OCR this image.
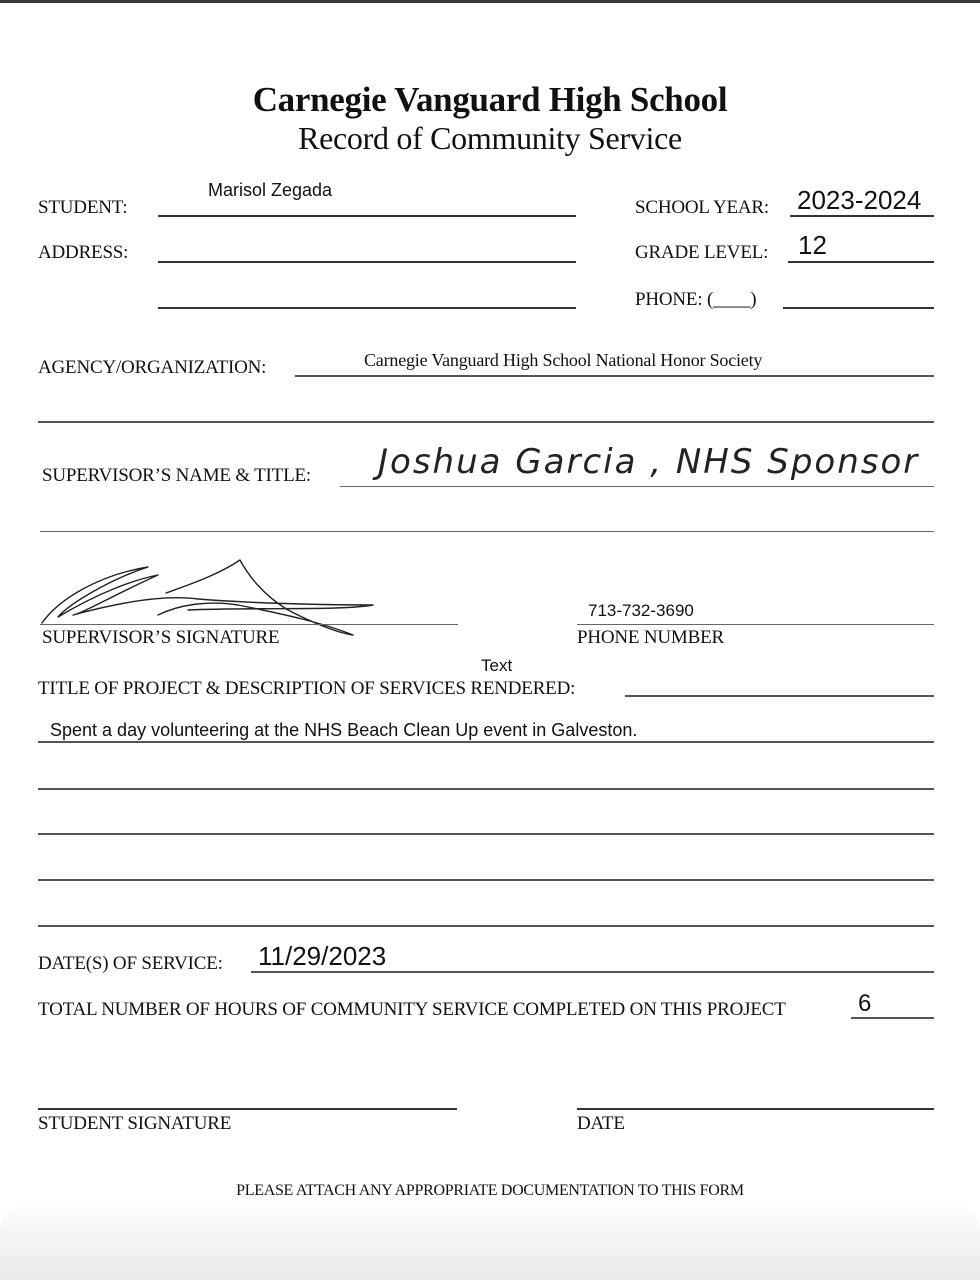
Carnegie Vanguard High School
Record of Community Service
STUDENT:
Marisol Zegada
SCHOOL YEAR: 2023-2024
ADDRESS:	GRADE LEVEL: 12
PHONE: (____)
AGENCY/ORGANIZATION:	Carnegie Vanguard High School National Honor Society
SUPERVISOR’S NAME & TITLE: Joshua Garcia , NHS Sponsor
SUPERVISOR’S SIGNATURE
713-732-3690
PHONE NUMBER
Text
TITLE OF PROJECT & DESCRIPTION OF SERVICES RENDERED:
Spent a day volunteering at the NHS Beach Clean Up event in Galveston.
DATE(S) OF SERVICE: 11/29/2023
TOTAL NUMBER OF HOURS OF COMMUNITY SERVICE COMPLETED ON THIS PROJECT	6
STUDENT SIGNATURE	DATE
PLEASE ATTACH ANY APPROPRIATE DOCUMENTATION TO THIS FORM
